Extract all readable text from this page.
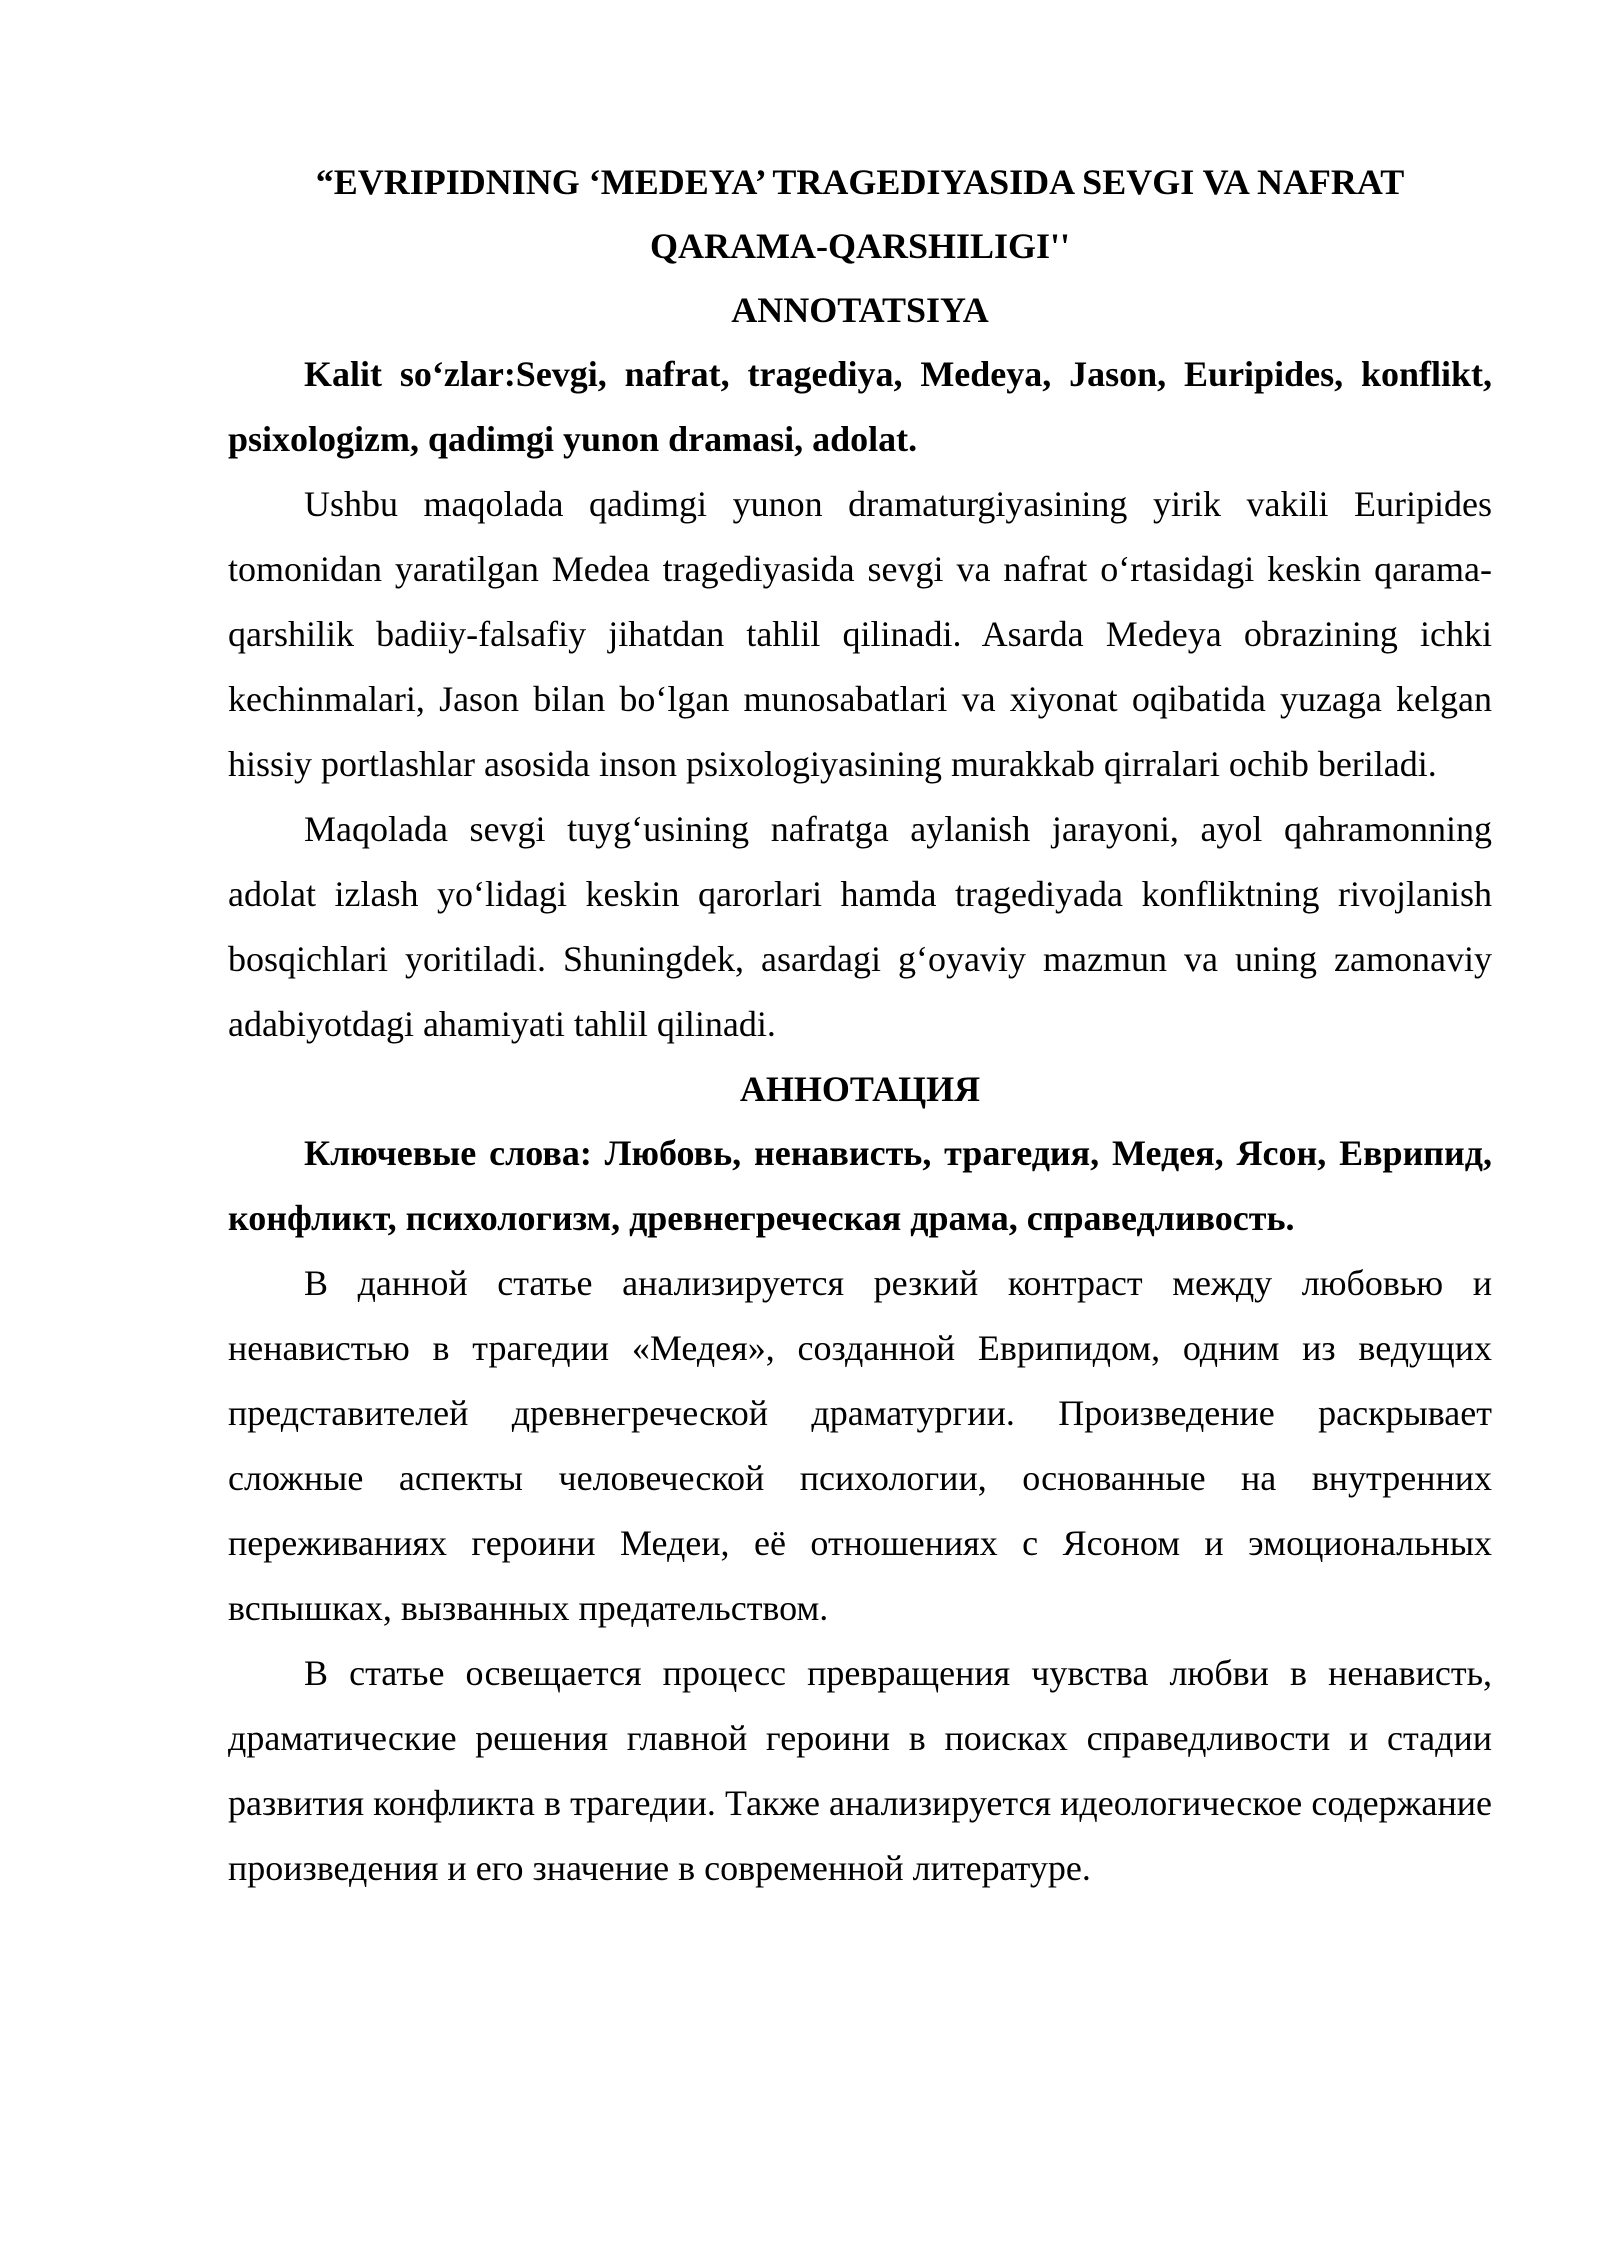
“EVRIPIDNING ‘MEDEYA’ TRAGEDIYASIDA SEVGI VA NAFRAT
QARAMA-QARSHILIGI''

ANNOTATSIYA

Kalit so‘zlar:Sevgi, nafrat, tragediya, Medeya, Jason, Euripides, konflikt, psixologizm, qadimgi yunon dramasi, adolat.

Ushbu maqolada qadimgi yunon dramaturgiyasining yirik vakili Euripides tomonidan yaratilgan Medea tragediyasida sevgi va nafrat o‘rtasidagi keskin qarama-qarshilik badiiy-falsafiy jihatdan tahlil qilinadi. Asarda Medeya obrazining ichki kechinmalari, Jason bilan bo‘lgan munosabatlari va xiyonat oqibatida yuzaga kelgan hissiy portlashlar asosida inson psixologiyasining murakkab qirralari ochib beriladi.

Maqolada sevgi tuyg‘usining nafratga aylanish jarayoni, ayol qahramonning adolat izlash yo‘lidagi keskin qarorlari hamda tragediyada konfliktning rivojlanish bosqichlari yoritiladi. Shuningdek, asardagi g‘oyaviy mazmun va uning zamonaviy adabiyotdagi ahamiyati tahlil qilinadi.

АННОТАЦИЯ

Ключевые слова: Любовь, ненависть, трагедия, Медея, Ясон, Еврипид, конфликт, психологизм, древнегреческая драма, справедливость.

В данной статье анализируется резкий контраст между любовью и ненавистью в трагедии «Медея», созданной Еврипидом, одним из ведущих представителей древнегреческой драматургии. Произведение раскрывает сложные аспекты человеческой психологии, основанные на внутренних переживаниях героини Медеи, её отношениях с Ясоном и эмоциональных вспышках, вызванных предательством.

В статье освещается процесс превращения чувства любви в ненависть, драматические решения главной героини в поисках справедливости и стадии развития конфликта в трагедии. Также анализируется идеологическое содержание произведения и его значение в современной литературе.
